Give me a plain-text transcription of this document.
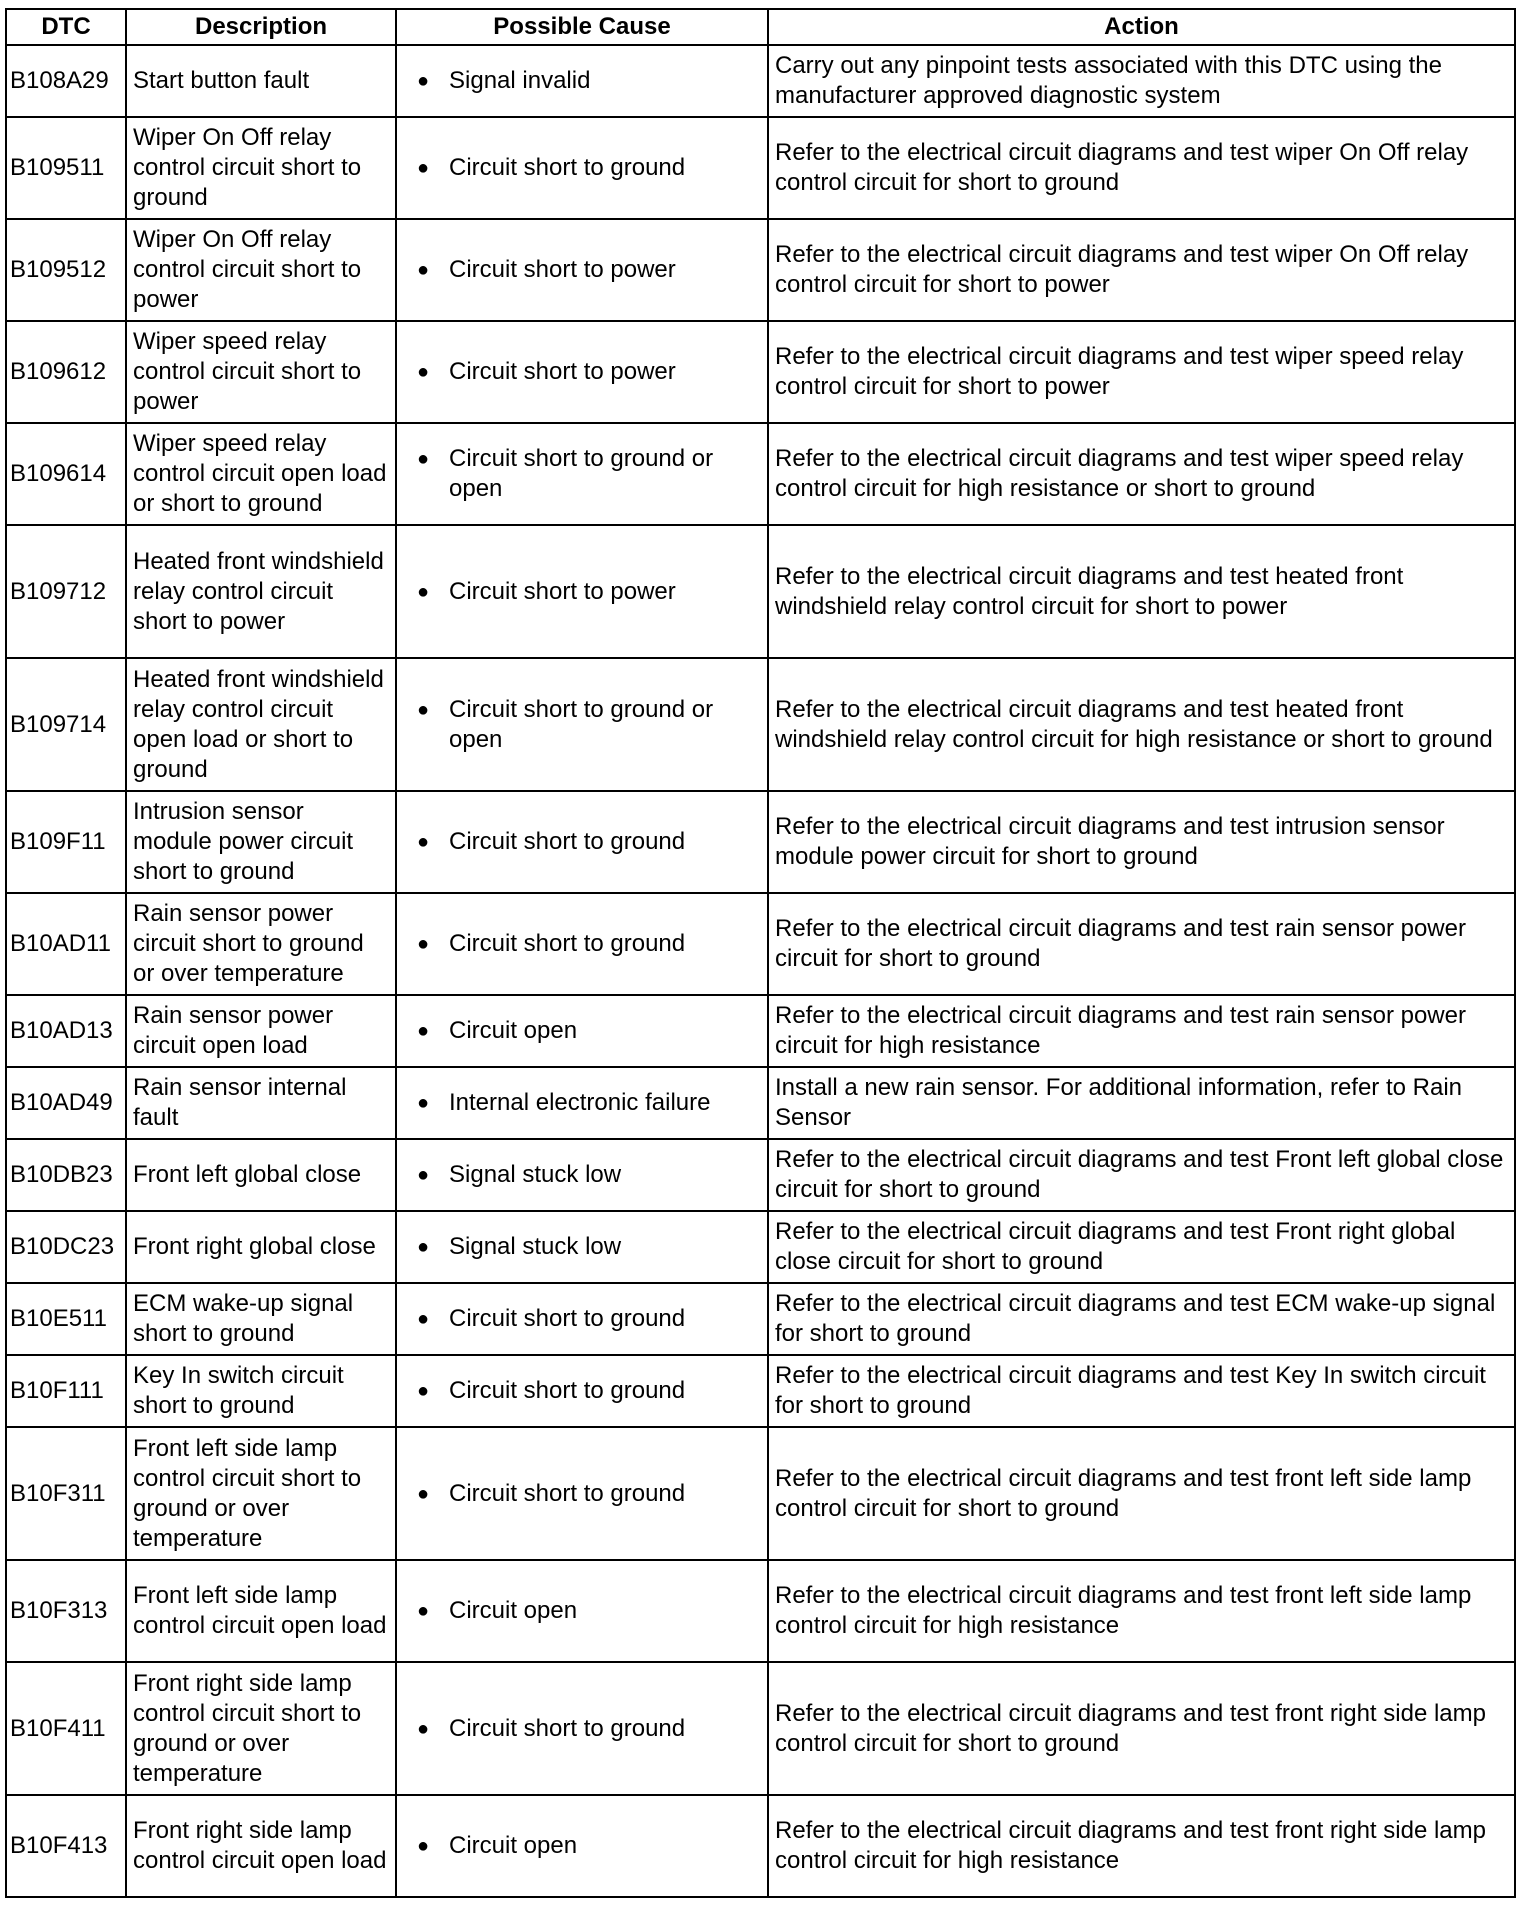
DTC	Description	Possible Cause	Action
B108A29	Start button fault	● Signal invalid	Carry out any pinpoint tests associated with this DTC using the manufacturer approved diagnostic system
B109511	Wiper On Off relay control circuit short to ground	● Circuit short to ground	Refer to the electrical circuit diagrams and test wiper On Off relay control circuit for short to ground
B109512	Wiper On Off relay control circuit short to power	● Circuit short to power	Refer to the electrical circuit diagrams and test wiper On Off relay control circuit for short to power
B109612	Wiper speed relay control circuit short to power	● Circuit short to power	Refer to the electrical circuit diagrams and test wiper speed relay control circuit for short to power
B109614	Wiper speed relay control circuit open load or short to ground	● Circuit short to ground or open	Refer to the electrical circuit diagrams and test wiper speed relay control circuit for high resistance or short to ground
B109712	Heated front windshield relay control circuit short to power	● Circuit short to power	Refer to the electrical circuit diagrams and test heated front windshield relay control circuit for short to power
B109714	Heated front windshield relay control circuit open load or short to ground	● Circuit short to ground or open	Refer to the electrical circuit diagrams and test heated front windshield relay control circuit for high resistance or short to ground
B109F11	Intrusion sensor module power circuit short to ground	● Circuit short to ground	Refer to the electrical circuit diagrams and test intrusion sensor module power circuit for short to ground
B10AD11	Rain sensor power circuit short to ground or over temperature	● Circuit short to ground	Refer to the electrical circuit diagrams and test rain sensor power circuit for short to ground
B10AD13	Rain sensor power circuit open load	● Circuit open	Refer to the electrical circuit diagrams and test rain sensor power circuit for high resistance
B10AD49	Rain sensor internal fault	● Internal electronic failure	Install a new rain sensor. For additional information, refer to Rain Sensor
B10DB23	Front left global close	● Signal stuck low	Refer to the electrical circuit diagrams and test Front left global close circuit for short to ground
B10DC23	Front right global close	● Signal stuck low	Refer to the electrical circuit diagrams and test Front right global close circuit for short to ground
B10E511	ECM wake-up signal short to ground	● Circuit short to ground	Refer to the electrical circuit diagrams and test ECM wake-up signal for short to ground
B10F111	Key In switch circuit short to ground	● Circuit short to ground	Refer to the electrical circuit diagrams and test Key In switch circuit for short to ground
B10F311	Front left side lamp control circuit short to ground or over temperature	● Circuit short to ground	Refer to the electrical circuit diagrams and test front left side lamp control circuit for short to ground
B10F313	Front left side lamp control circuit open load	● Circuit open	Refer to the electrical circuit diagrams and test front left side lamp control circuit for high resistance
B10F411	Front right side lamp control circuit short to ground or over temperature	● Circuit short to ground	Refer to the electrical circuit diagrams and test front right side lamp control circuit for short to ground
B10F413	Front right side lamp control circuit open load	● Circuit open	Refer to the electrical circuit diagrams and test front right side lamp control circuit for high resistance
